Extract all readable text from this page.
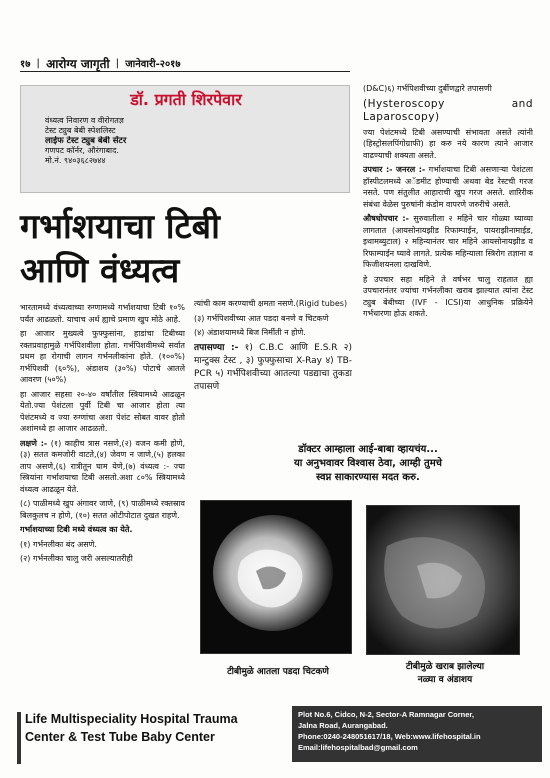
१७ | आरोग्य जागृती | जानेवारी-२०१७
डॉ. प्रगती शिरपेवार
वंध्यत्व निवारण व वीरोगतज्ञ
टेस्ट ट्युब बेबी स्पेशलिस्ट
लाईफ टेस्ट ट्युब बेबी सेंटर
गणपट कॉर्नर, औरंगाबाद.
मो.नं. ९४०३६८२७४४
गर्भाशयाचा टिबी
आणि वंध्यत्व

भारतामध्ये वंध्यत्वाच्या रुग्णामध्ये गर्भाशयाचा टिबी १०% पर्यंत आढळतो. याचाच अर्थ ह्याचे प्रमाण खुप मोठे आहे.

हा आजार मुख्यत्वे फुफ्फुसांना, हाडांचा टिबीच्या रक्तप्रवाहामुळे गर्भपिशवीला होता. गर्भपिशवीमध्ये सर्वात प्रथम हा रोगाची लागन गर्भनलीकांना होते. (१००%) गर्भपिशवी (६०%), अंडाशय (३०%) पोटाचे आतले आवरण (५०%)

हा आजार सहसा २०-४० वर्षांतील स्त्रियामध्ये आढळून येतो.ज्या पेशंटला पुर्वी टिबी चा आजार होता त्या पेशंटमध्ये व ज्या रुग्णांचा अशा पेशंट सोबत वावर होतो अशांमध्ये हा आजार आढळतो.

लक्षणे :- (१) काहीच त्रास नसणे,(२) वजन कमी होणे, (३) सतत कमजोरी वाटते,(४) जेवण न जाणे,(५) हलका ताप असणे,(६) रात्रीतून घाम येणे,(७) वंध्यत्व :- ज्या स्त्रियांना गर्भाशयाचा टिबी असतो.अशा ८०% स्त्रियामध्ये वंध्यत्व आढळून येते.

(८) पाळीमध्ये खुप अंगावर जाणे, (९) पाळीमध्ये रक्तस्राव बिलकुलच न होणे, (१०) सतत ओटीपोटात दुखत राहणे.

गर्भाशयाच्या टिबी मध्ये वंध्यत्व का येते.

(१) गर्भनलीका बंद असणे.

(२) गर्भनलीका चालु जरी असल्यातरीही

त्यांची काम करण्याची क्षमता नसणे.(Rigid tubes)

(३) गर्भपिशवीच्या आत पडदा बनणे व चिटकणे

(४) अंडाशयामध्ये बिज निर्मीती न होणे.

तपासण्या :- १) C.B.C आणि E.S.R २) मान्टुक्स टेस्ट , ३) फुफ्फुसाचा X-Ray ४) TB-PCR ५) गर्भपिशवीच्या आतल्या पडद्याचा तुकडा तपासणे

(D&C)६) गर्भपिशवीच्या दुर्बीणद्वारे तपासणी

(Hysteroscopy and Laparoscopy)

ज्या पेशंटमध्ये टिबी असण्याची संभावता असते त्यांनी (हिस्ट्रोसलपिंगोग्राफी) हा करु नये कारण त्याने आजार वाढण्याची शक्यता असते.

उपचार :- जनरल :- गर्भाशयाचा टिबी असणाऱ्या पेशंटला हॉस्पीटलमध्ये अॅडमीट होण्याची अथवा बेड रेस्टची गरज नसते. पण संतुलीत आहाराची खुप गरज असते. शारिरीक संबंधा वेळेस पुरुषांनी कंडोम वापरणे जरुरीचे असते.

औषधोपचार :- सुरुवातीला २ महिने चार गोळ्या घ्याव्या लागतात (आयसोनायझीड रिफाम्पाईन, पायराझीनामाईड, इथामब्युटाल) २ महिन्यानंतर चार महिने आयसोनायझीड व रिफाम्पाईन घ्यावे लागते. प्रत्येक महिन्याला स्त्रिरोग तज्ञाना व फिजीशयनला दाखविणे.

हे उपचार सहा महिने ते वर्षभर चालु राहतात ह्या उपचारानंतर ज्यांचा गर्भनलीका खराब झाल्यात त्यांना टेस्ट ट्युब बेबीच्या (IVF - ICSI)या आधुनिक प्रक्रियेने गर्भधारणा होऊ शकते.

डॉक्टर आम्हाला आई-बाबा व्हायचंय...
या अनुभवावर विश्वास ठेवा, आम्ही तुमचे
स्वप्न साकारण्यास मदत करु.
टीबीमुळे आतला पडदा चिटकणे	टीबीमुळे खराब झालेल्या
नळ्या व अंडाशय
Life Multispeciality Hospital Trauma
Center & Test Tube Baby Center
Plot No.6, Cidco, N-2, Sector-A Ramnagar Corner,
Jalna Road, Aurangabad.
Phone:0240-248051617/18, Web:www.lifehospital.in
Email:lifehospitalbad@gmail.com
